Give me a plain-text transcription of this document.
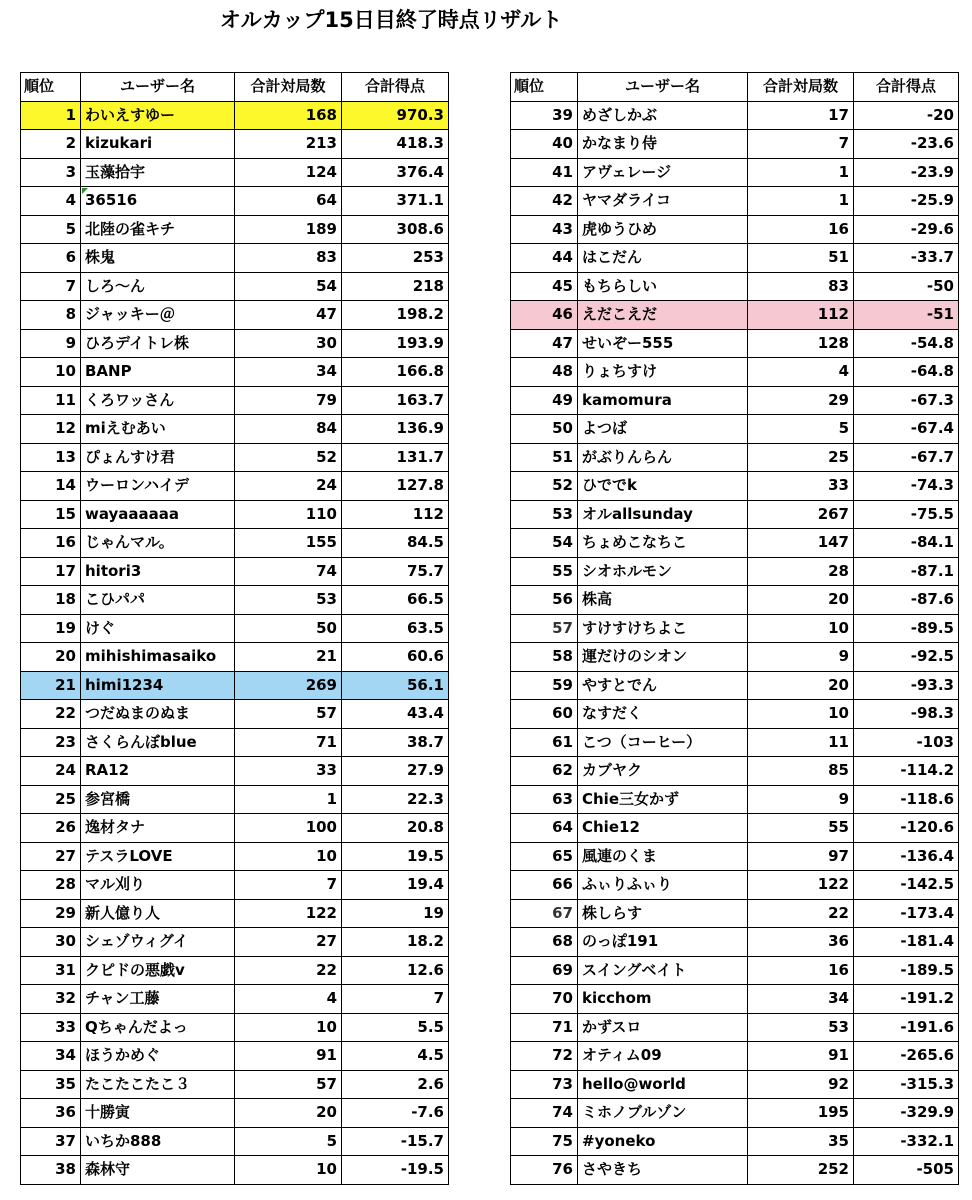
オルカップ15日目終了時点リザルト
順位	ユーザー名	合計対局数	合計得点
1	わいえすゆー	168	970.3
2	kizukari	213	418.3
3	玉藻拾宇	124	376.4
4	36516	64	371.1
5	北陸の雀キチ	189	308.6
6	株鬼	83	253
7	しろ～ん	54	218
8	ジャッキー＠	47	198.2
9	ひろデイトレ株	30	193.9
10	BANP	34	166.8
11	くろワッさん	79	163.7
12	miえむあい	84	136.9
13	ぴょんすけ君	52	131.7
14	ウーロンハイデ	24	127.8
15	wayaaaaaa	110	112
16	じゃんマル。	155	84.5
17	hitori3	74	75.7
18	こひパパ	53	66.5
19	けぐ	50	63.5
20	mihishimasaiko	21	60.6
21	himi1234	269	56.1
22	つだぬまのぬま	57	43.4
23	さくらんぼblue	71	38.7
24	RA12	33	27.9
25	参宮橋	1	22.3
26	逸材タナ	100	20.8
27	テスラLOVE	10	19.5
28	マル刈り	7	19.4
29	新人億り人	122	19
30	シェゾウィグイ	27	18.2
31	クピドの悪戯v	22	12.6
32	チャン工藤	4	7
33	Qちゃんだよっ	10	5.5
34	ほうかめぐ	91	4.5
35	たこたこたこ３	57	2.6
36	十勝寅	20	-7.6
37	いちか888	5	-15.7
38	森林守	10	-19.5
順位	ユーザー名	合計対局数	合計得点
39	めざしかぶ	17	-20
40	かなまり侍	7	-23.6
41	アヴェレージ	1	-23.9
42	ヤマダライコ	1	-25.9
43	虎ゆうひめ	16	-29.6
44	はこだん	51	-33.7
45	もちらしい	83	-50
46	えだこえだ	112	-51
47	せいぞー555	128	-54.8
48	りょちすけ	4	-64.8
49	kamomura	29	-67.3
50	よつば	5	-67.4
51	がぶりんらん	25	-67.7
52	ひででk	33	-74.3
53	オルallsunday	267	-75.5
54	ちょめこなちこ	147	-84.1
55	シオホルモン	28	-87.1
56	株高	20	-87.6
57	すけすけちよこ	10	-89.5
58	運だけのシオン	9	-92.5
59	やすとでん	20	-93.3
60	なすだく	10	-98.3
61	こつ（コーヒー）	11	-103
62	カブヤク	85	-114.2
63	Chie三女かず	9	-118.6
64	Chie12	55	-120.6
65	風連のくま	97	-136.4
66	ふぃりふぃり	122	-142.5
67	株しらす	22	-173.4
68	のっぽ191	36	-181.4
69	スイングベイト	16	-189.5
70	kicchom	34	-191.2
71	かずスロ	53	-191.6
72	オティム09	91	-265.6
73	hello@world	92	-315.3
74	ミホノブルゾン	195	-329.9
75	#yoneko	35	-332.1
76	さやきち	252	-505
